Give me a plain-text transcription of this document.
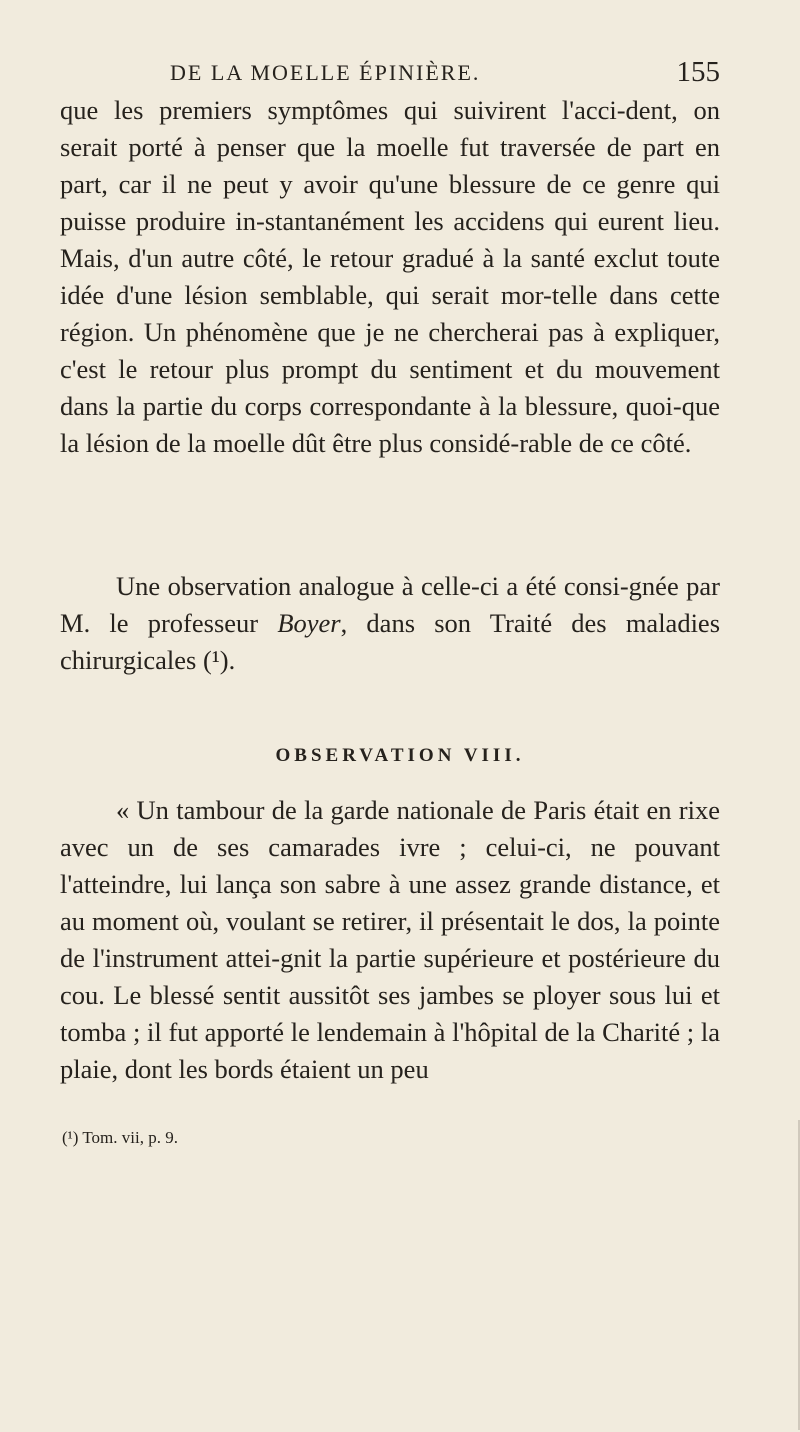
DE LA MOELLE ÉPINIÈRE.	155

que les premiers symptômes qui suivirent l'acci-dent, on serait porté à penser que la moelle fut traversée de part en part, car il ne peut y avoir qu'une blessure de ce genre qui puisse produire in-stantanément les accidens qui eurent lieu. Mais, d'un autre côté, le retour gradué à la santé exclut toute idée d'une lésion semblable, qui serait mor-telle dans cette région. Un phénomène que je ne chercherai pas à expliquer, c'est le retour plus prompt du sentiment et du mouvement dans la partie du corps correspondante à la blessure, quoi-que la lésion de la moelle dût être plus considé-rable de ce côté.

Une observation analogue à celle-ci a été consi-gnée par M. le professeur Boyer, dans son Traité des maladies chirurgicales (¹).

OBSERVATION VIII.

« Un tambour de la garde nationale de Paris était en rixe avec un de ses camarades ivre ; celui-ci, ne pouvant l'atteindre, lui lança son sabre à une assez grande distance, et au moment où, voulant se retirer, il présentait le dos, la pointe de l'instrument attei-gnit la partie supérieure et postérieure du cou. Le blessé sentit aussitôt ses jambes se ployer sous lui et tomba ; il fut apporté le lendemain à l'hôpital de la Charité ; la plaie, dont les bords étaient un peu

(¹) Tom. vii, p. 9.
